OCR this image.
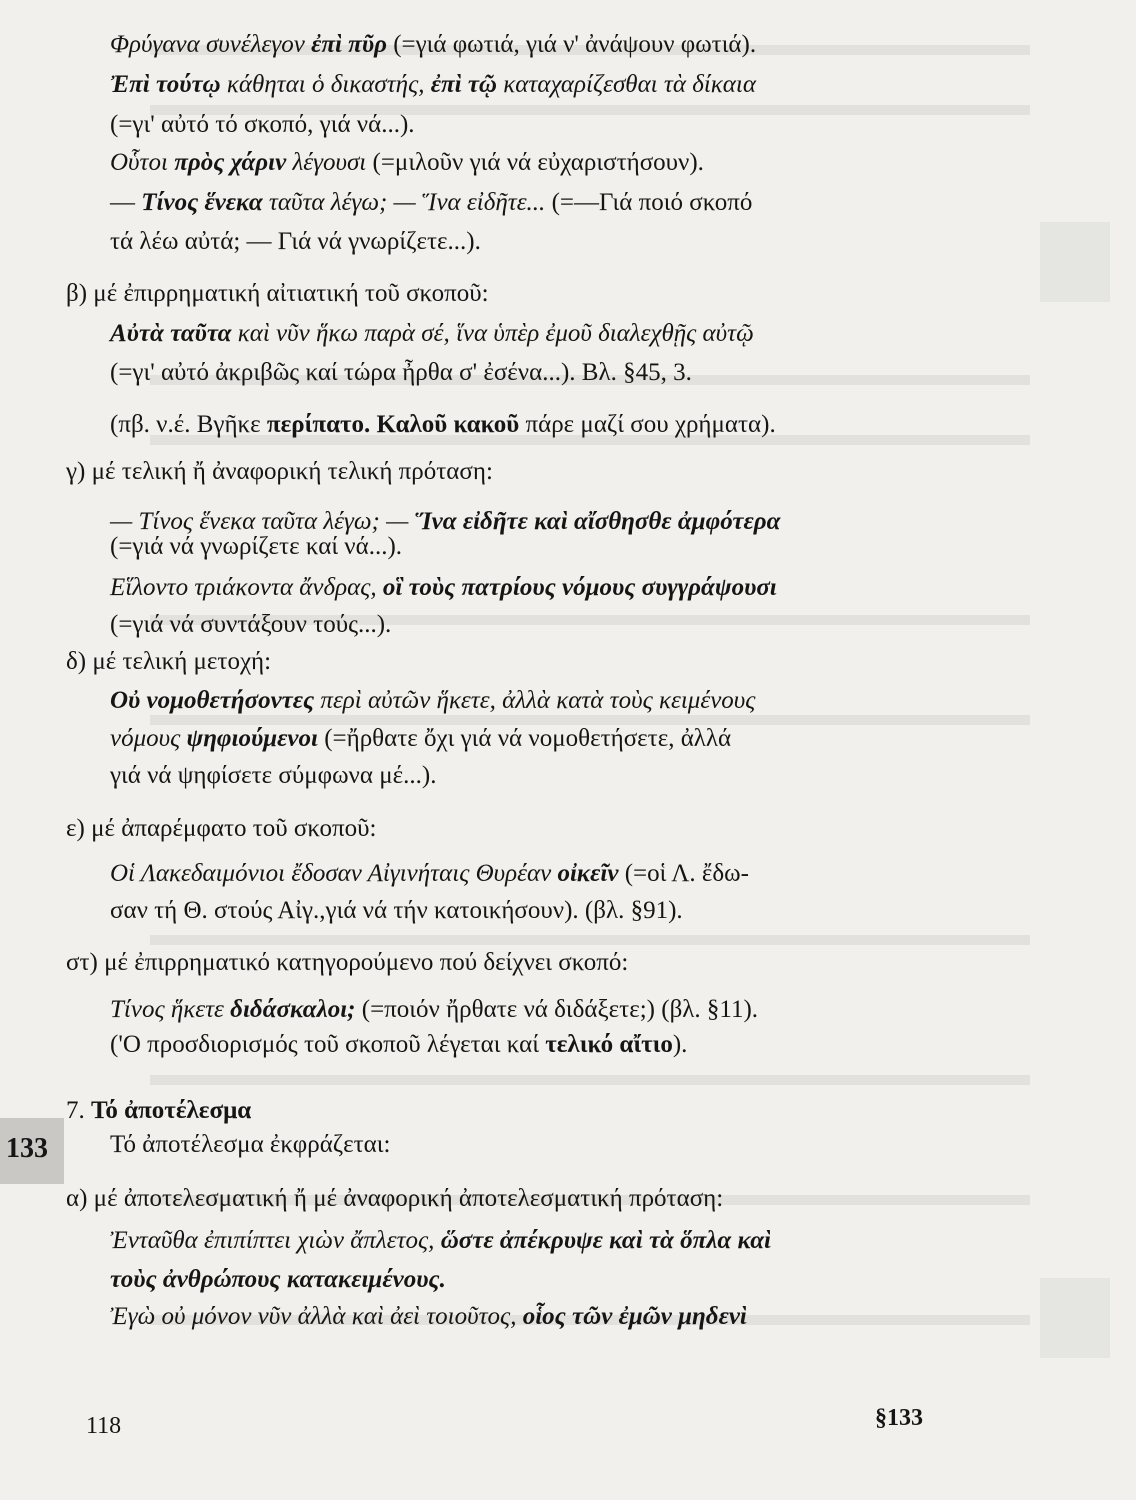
Φρύγανα συνέλεγον ἐπὶ πῦρ (=γιά φωτιά, γιά ν' ἀνάψουν φωτιά).
Ἐπὶ τούτῳ κάθηται ὁ δικαστής, ἐπὶ τῷ καταχαρίζεσθαι τὰ δίκαια
(=γι' αὐτό τό σκοπό, γιά νά...).
Οὗτοι πρὸς χάριν λέγουσι (=μιλοῦν γιά νά εὐχαριστήσουν).
— Τίνος ἕνεκα ταῦτα λέγω; — Ἵνα εἰδῆτε... (=—Γιά ποιό σκοπό
τά λέω αὐτά; — Γιά νά γνωρίζετε...).
β) μέ ἐπιρρηματική αἰτιατική τοῦ σκοποῦ:
Αὐτὰ ταῦτα καὶ νῦν ἥκω παρὰ σέ, ἵνα ὑπὲρ ἐμοῦ διαλεχθῇς αὐτῷ
(=γι' αὐτό ἀκριβῶς καί τώρα ἦρθα σ' ἐσένα...). Βλ. §45, 3.
(πβ. ν.έ. Βγῆκε περίπατο. Καλοῦ κακοῦ πάρε μαζί σου χρήματα).
γ) μέ τελική ἤ ἀναφορική τελική πρόταση:
— Τίνος ἕνεκα ταῦτα λέγω; — Ἵνα εἰδῆτε καὶ αἴσθησθε ἀμφότερα
(=γιά νά γνωρίζετε καί νά...).
Εἵλοντο τριάκοντα ἄνδρας, οἳ τοὺς πατρίους νόμους συγγράψουσι
(=γιά νά συντάξουν τούς...).
δ) μέ τελική μετοχή:
Οὐ νομοθετήσοντες περὶ αὐτῶν ἥκετε, ἀλλὰ κατὰ τοὺς κειμένους
νόμους ψηφιούμενοι (=ἤρθατε ὄχι γιά νά νομοθετήσετε, ἀλλά
γιά νά ψηφίσετε σύμφωνα μέ...).
ε) μέ ἀπαρέμφατο τοῦ σκοποῦ:
Οἱ Λακεδαιμόνιοι ἔδοσαν Αἰγινήταις Θυρέαν οἰκεῖν (=οἱ Λ. ἔδω-
σαν τή Θ. στούς Αἰγ.,γιά νά τήν κατοικήσουν). (βλ. §91).
στ) μέ ἐπιρρηματικό κατηγορούμενο πού δείχνει σκοπό:
Τίνος ἥκετε διδάσκαλοι; (=ποιόν ἤρθατε νά διδάξετε;) (βλ. §11).
('Ο προσδιορισμός τοῦ σκοποῦ λέγεται καί τελικό αἴτιο).
7. Τό ἀποτέλεσμα
133 Τό ἀποτέλεσμα ἐκφράζεται:
α) μέ ἀποτελεσματική ἤ μέ ἀναφορική ἀποτελεσματική πρόταση:
Ἐνταῦθα ἐπιπίπτει χιὼν ἄπλετος, ὥστε ἀπέκρυψε καὶ τὰ ὅπλα καὶ
τοὺς ἀνθρώπους κατακειμένους.
Ἐγὼ οὐ μόνον νῦν ἀλλὰ καὶ ἀεὶ τοιοῦτος, οἷος τῶν ἐμῶν μηδενὶ
118	§133
